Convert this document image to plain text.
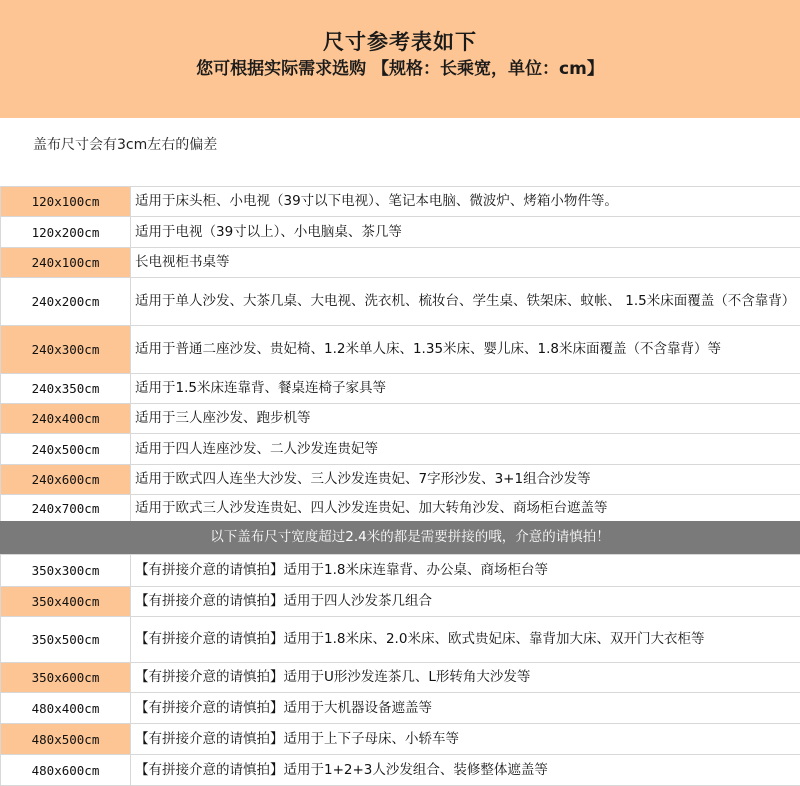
尺寸参考表如下
您可根据实际需求选购 【规格：长乘宽，单位：cm】
盖布尺寸会有3cm左右的偏差
120x100cm	适用于床头柜、小电视（39寸以下电视）、笔记本电脑、微波炉、烤箱小物件等。
120x200cm	适用于电视（39寸以上）、小电脑桌、茶几等
240x100cm	长电视柜书桌等
240x200cm	适用于单人沙发、大茶几桌、大电视、洗衣机、梳妆台、学生桌、铁架床、蚊帐、 1.5米床面覆盖（不含靠背）
240x300cm	适用于普通二座沙发、贵妃椅、1.2米单人床、1.35米床、婴儿床、1.8米床面覆盖（不含靠背）等
240x350cm	适用于1.5米床连靠背、餐桌连椅子家具等
240x400cm	适用于三人座沙发、跑步机等
240x500cm	适用于四人连座沙发、二人沙发连贵妃等
240x600cm	适用于欧式四人连坐大沙发、三人沙发连贵妃、7字形沙发、3+1组合沙发等
240x700cm	适用于欧式三人沙发连贵妃、四人沙发连贵妃、加大转角沙发、商场柜台遮盖等
以下盖布尺寸宽度超过2.4米的都是需要拼接的哦，介意的请慎拍！
350x300cm	【有拼接介意的请慎拍】适用于1.8米床连靠背、办公桌、商场柜台等
350x400cm	【有拼接介意的请慎拍】适用于四人沙发茶几组合
350x500cm	【有拼接介意的请慎拍】适用于1.8米床、2.0米床、欧式贵妃床、靠背加大床、双开门大衣柜等
350x600cm	【有拼接介意的请慎拍】适用于U形沙发连茶几、L形转角大沙发等
480x400cm	【有拼接介意的请慎拍】适用于大机器设备遮盖等
480x500cm	【有拼接介意的请慎拍】适用于上下子母床、小轿车等
480x600cm	【有拼接介意的请慎拍】适用于1+2+3人沙发组合、装修整体遮盖等
